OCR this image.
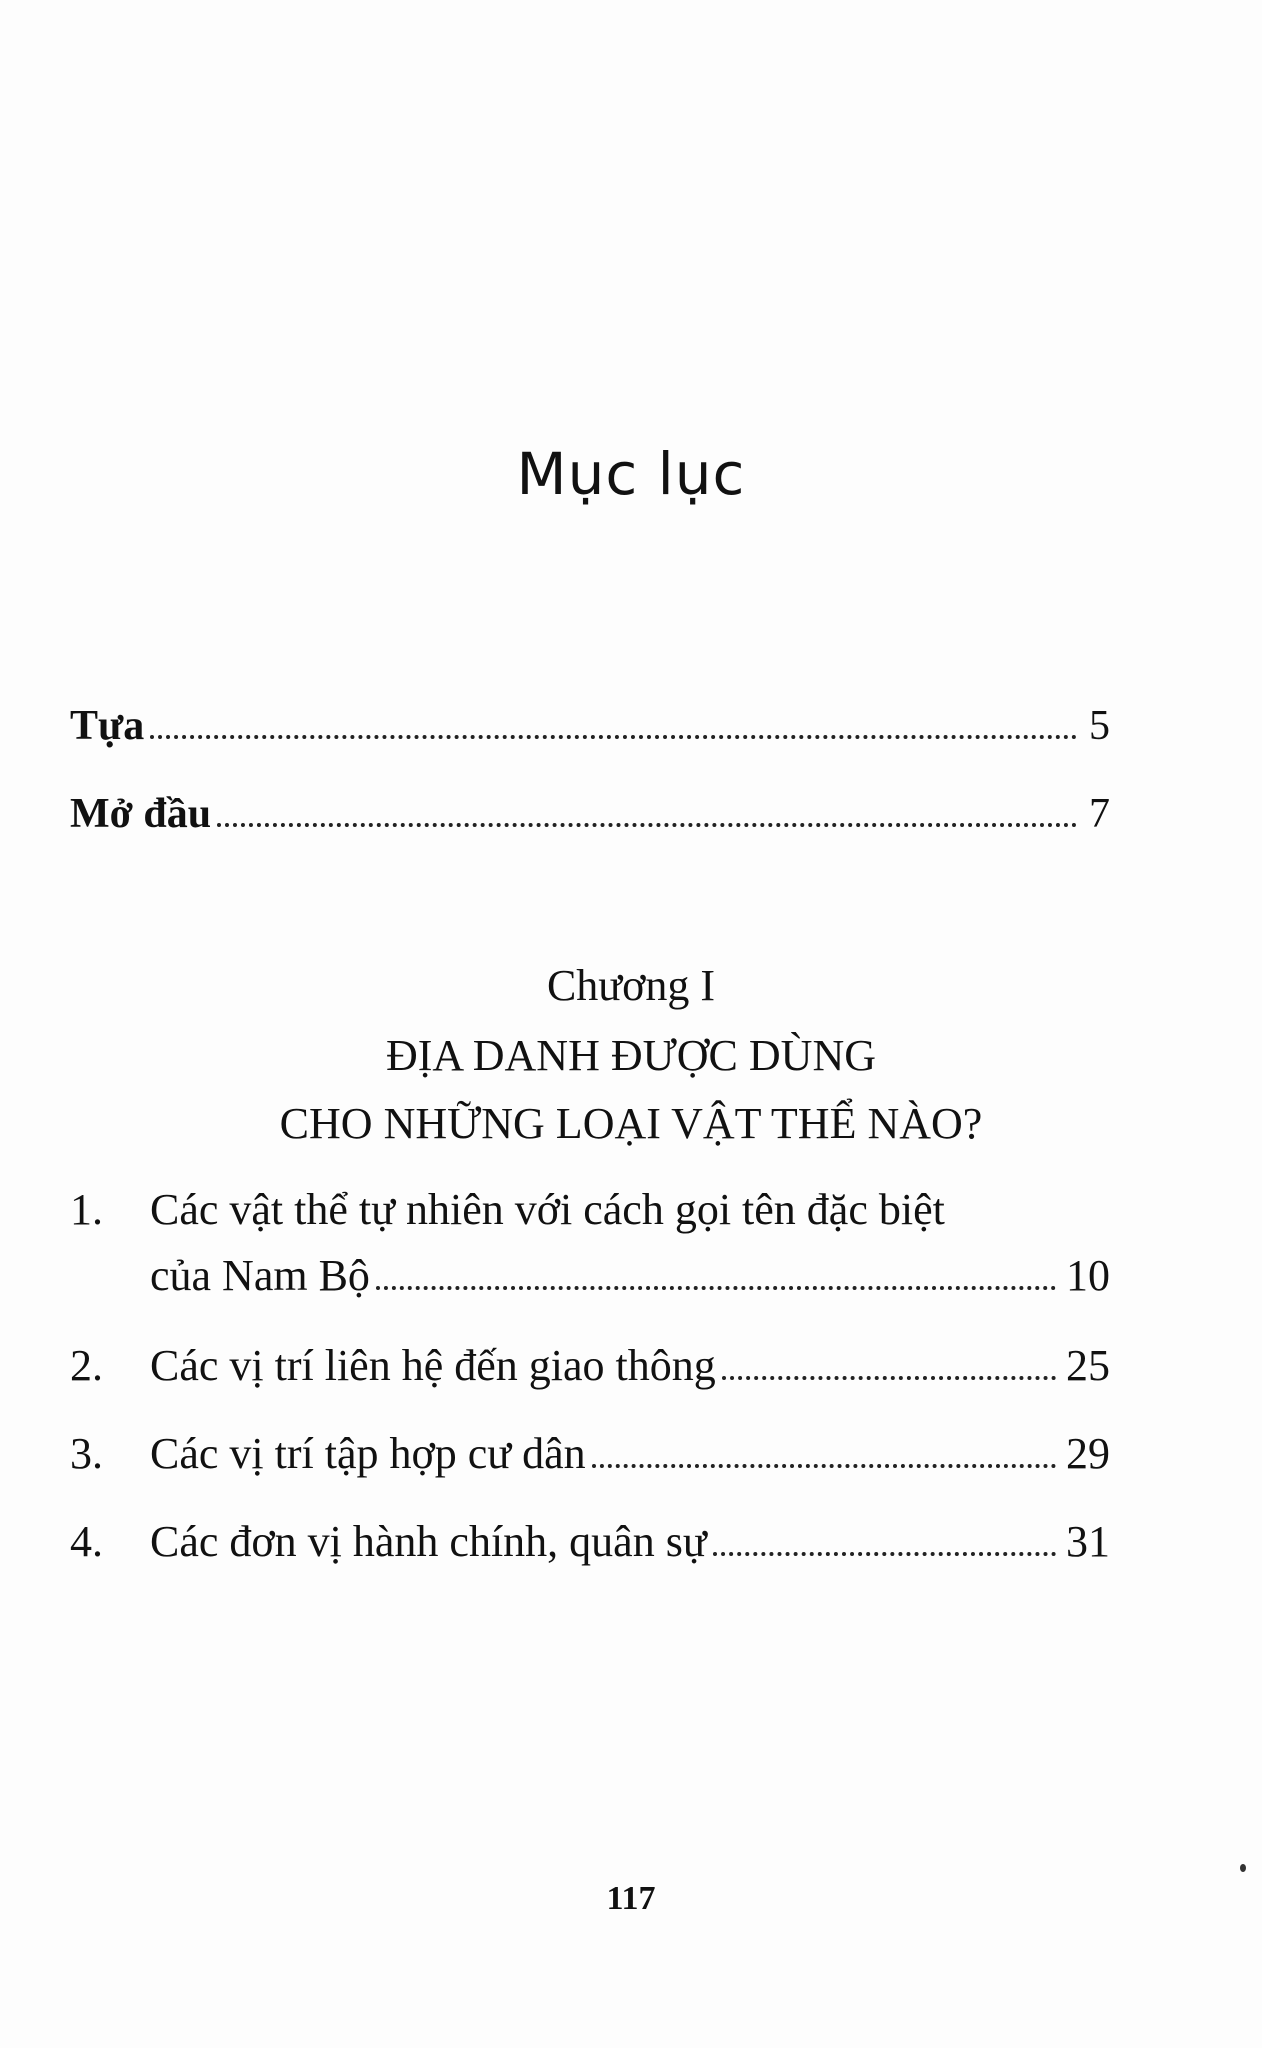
Mục lục
Tựa	5
Mở đầu	7
Chương I
ĐỊA DANH ĐƯỢC DÙNG
CHO NHỮNG LOẠI VẬT THỂ NÀO?
1.	Các vật thể tự nhiên với cách gọi tên đặc biệt
của Nam Bộ	10
2.	Các vị trí liên hệ đến giao thông	25
3.	Các vị trí tập hợp cư dân	29
4.	Các đơn vị hành chính, quân sự	31
117
